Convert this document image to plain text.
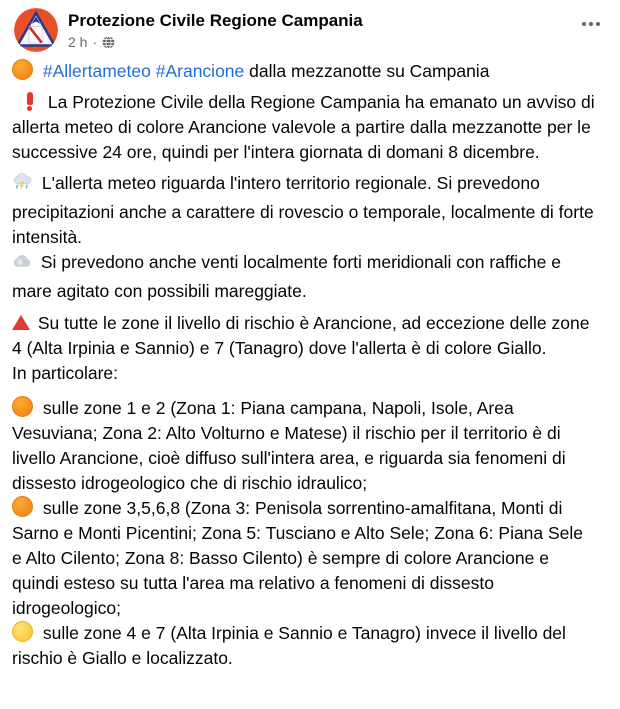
Protezione Civile Regione Campania
2 h ·

#Allertameteo #Arancione dalla mezzanotte su Campania

La Protezione Civile della Regione Campania ha emanato un avviso di allerta meteo di colore Arancione valevole a partire dalla mezzanotte per le successive 24 ore, quindi per l'intera giornata di domani 8 dicembre.

L'allerta meteo riguarda l'intero territorio regionale. Si prevedono precipitazioni anche a carattere di rovescio o temporale, localmente di forte intensità.

Si prevedono anche venti localmente forti meridionali con raffiche e mare agitato con possibili mareggiate.

Su tutte le zone il livello di rischio è Arancione, ad eccezione delle zone 4 (Alta Irpinia e Sannio) e 7 (Tanagro) dove l'allerta è di colore Giallo.

In particolare:

sulle zone 1 e 2 (Zona 1: Piana campana, Napoli, Isole, Area Vesuviana; Zona 2: Alto Volturno e Matese) il rischio per il territorio è di livello Arancione, cioè diffuso sull'intera area, e riguarda sia fenomeni di dissesto idrogeologico che di rischio idraulico;

sulle zone 3,5,6,8 (Zona 3: Penisola sorrentino-amalfitana, Monti di Sarno e Monti Picentini; Zona 5: Tusciano e Alto Sele; Zona 6: Piana Sele e Alto Cilento; Zona 8: Basso Cilento) è sempre di colore Arancione e quindi esteso su tutta l'area ma relativo a fenomeni di dissesto idrogeologico;

sulle zone 4 e 7 (Alta Irpinia e Sannio e Tanagro) invece il livello del rischio è Giallo e localizzato.
